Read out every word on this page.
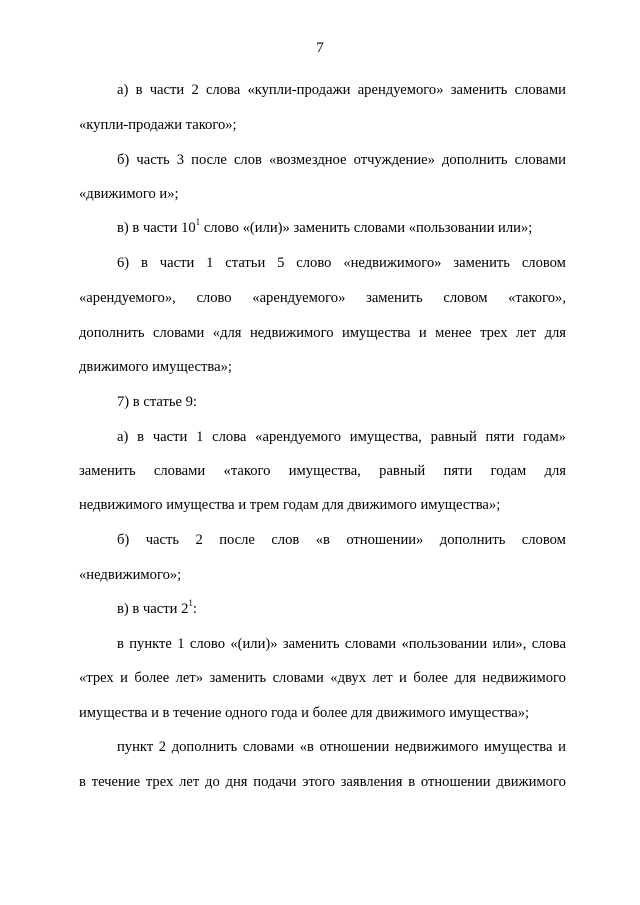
7
а) в части 2 слова «купли-продажи арендуемого» заменить словами
«купли-продажи такого»;
б) часть 3 после слов «возмездное отчуждение» дополнить словами
«движимого и»;
в) в части $10^1$ слово «(или)» заменить словами «пользовании или»;
6) в части 1 статьи 5 слово «недвижимого» заменить словом
«арендуемого», слово «арендуемого» заменить словом «такого»,
дополнить словами «для недвижимого имущества и менее трех лет для
движимого имущества»;
7) в статье 9:
а) в части 1 слова «арендуемого имущества, равный пяти годам»
заменить словами «такого имущества, равный пяти годам для
недвижимого имущества и трем годам для движимого имущества»;
б) часть 2 после слов «в отношении» дополнить словом
«недвижимого»;
в) в части $2^1$:
в пункте 1 слово «(или)» заменить словами «пользовании или», слова
«трех и более лет» заменить словами «двух лет и более для недвижимого
имущества и в течение одного года и более для движимого имущества»;
пункт 2 дополнить словами «в отношении недвижимого имущества и
в течение трех лет до дня подачи этого заявления в отношении движимого
